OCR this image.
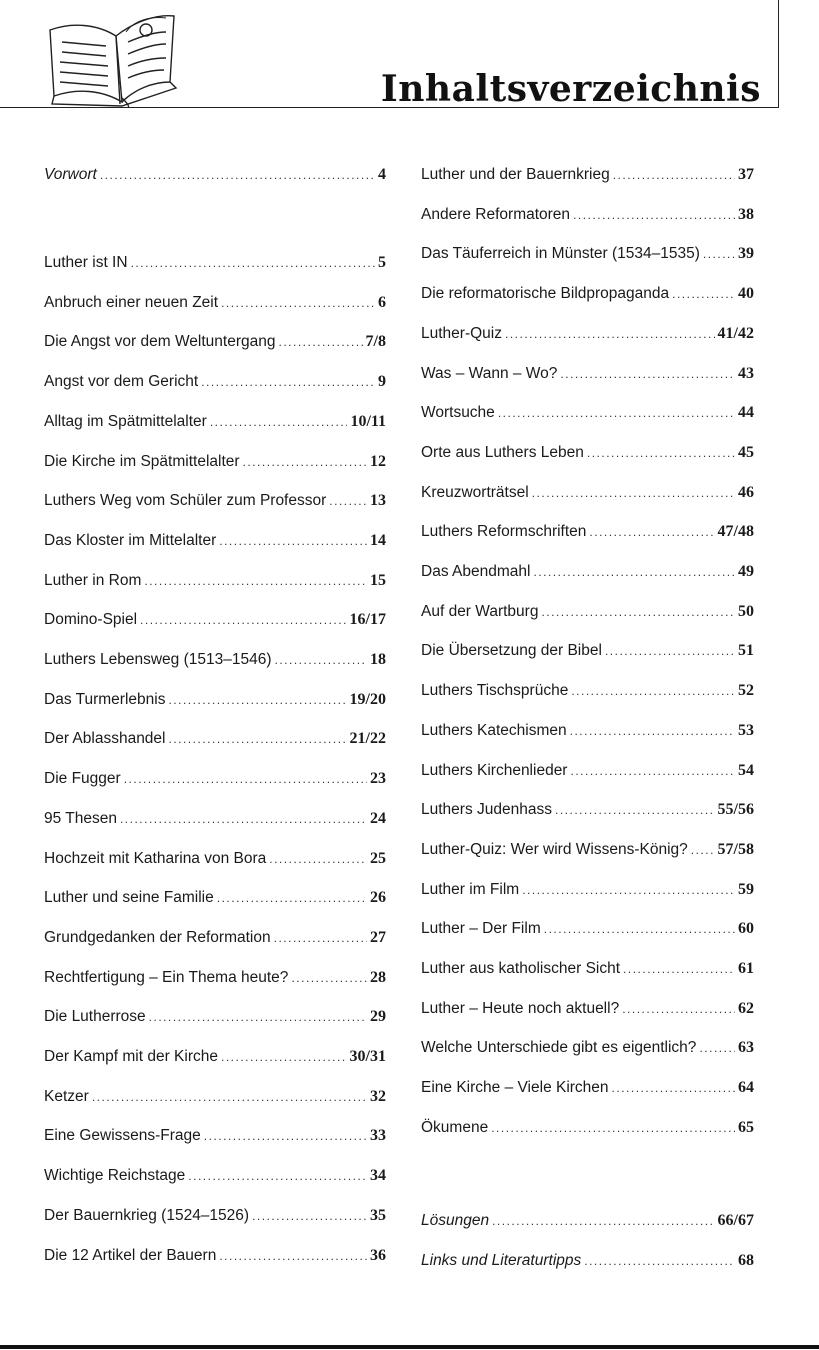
Inhaltsverzeichnis
Vorwort .....	4
Luther ist IN .....	5
Anbruch einer neuen Zeit .....	6
Die Angst vor dem Weltuntergang .....	7/8
Angst vor dem Gericht .....	9
Alltag im Spätmittelalter .....	10/11
Die Kirche im Spätmittelalter .....	12
Luthers Weg vom Schüler zum Professor .....	13
Das Kloster im Mittelalter .....	14
Luther in Rom .....	15
Domino-Spiel .....	16/17
Luthers Lebensweg (1513–1546) .....	18
Das Turmerlebnis .....	19/20
Der Ablasshandel .....	21/22
Die Fugger .....	23
95 Thesen .....	24
Hochzeit mit Katharina von Bora .....	25
Luther und seine Familie .....	26
Grundgedanken der Reformation .....	27
Rechtfertigung – Ein Thema heute? .....	28
Die Lutherrose .....	29
Der Kampf mit der Kirche .....	30/31
Ketzer .....	32
Eine Gewissens-Frage .....	33
Wichtige Reichstage .....	34
Der Bauernkrieg (1524–1526) .....	35
Die 12 Artikel der Bauern .....	36
Luther und der Bauernkrieg .....	37
Andere Reformatoren .....	38
Das Täuferreich in Münster (1534–1535) ..... 39
Die reformatorische Bildpropaganda .....	40
Luther-Quiz .....	41/42
Was – Wann – Wo? .....	43
Wortsuche .....	44
Orte aus Luthers Leben .....	45
Kreuzworträtsel .....	46
Luthers Reformschriften .....	47/48
Das Abendmahl .....	49
Auf der Wartburg .....	50
Die Übersetzung der Bibel .....	51
Luthers Tischsprüche .....	52
Luthers Katechismen .....	53
Luthers Kirchenlieder .....	54
Luthers Judenhass .....	55/56
Luther-Quiz: Wer wird Wissens-König? ..... 57/58
Luther im Film .....	59
Luther – Der Film .....	60
Luther aus katholischer Sicht .....	61
Luther – Heute noch aktuell? .....	62
Welche Unterschiede gibt es eigentlich? .....	63
Eine Kirche – Viele Kirchen .....	64
Ökumene .....	65
Lösungen .....	66/67
Links und Literaturtipps .....	68
